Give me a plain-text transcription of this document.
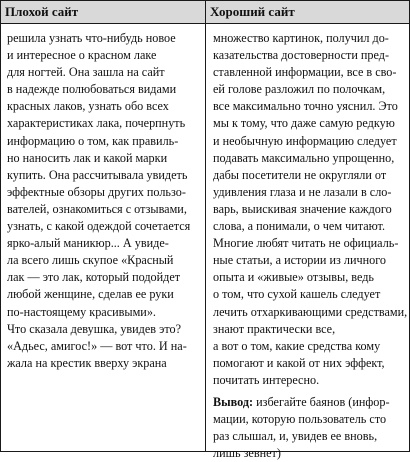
Плохой сайт	Хороший сайт
решила узнать что-нибудь новое
и интересное о красном лаке
для ногтей. Она зашла на сайт
в надежде полюбоваться видами
красных лаков, узнать обо всех
характеристиках лака, почерпнуть
информацию о том, как правиль-
но наносить лак и какой марки
купить. Она рассчитывала увидеть
эффектные обзоры других пользо-
вателей, ознакомиться с отзывами,
узнать, с какой одеждой сочетается
ярко-алый маникюр... А увиде-
ла всего лишь скупое «Красный
лак — это лак, который подойдет
любой женщине, сделав ее руки
по-настоящему красивыми».
Что сказала девушка, увидев это?
«Адьес, амигос!» — вот что. И на-
жала на крестик вверху экрана
множество картинок, получил до-
казательства достоверности пред-
ставленной информации, все в сво-
ей голове разложил по полочкам,
все максимально точно уяснил. Это
мы к тому, что даже самую редкую
и необычную информацию следует
подавать максимально упрощенно,
дабы посетители не округляли от
удивления глаза и не лазали в сло-
варь, выискивая значение каждого
слова, а понимали, о чем читают.
Многие любят читать не официаль-
ные статьи, а истории из личного
опыта и «живые» отзывы, ведь
о том, что сухой кашель следует
лечить отхаркивающими средствами,
знают практически все,
а вот о том, какие средства кому
помогают и какой от них эффект,
почитать интересно.
Вывод: избегайте баянов (инфор-
мации, которую пользователь сто
раз слышал, и, увидев ее вновь,
лишь зевнет)
